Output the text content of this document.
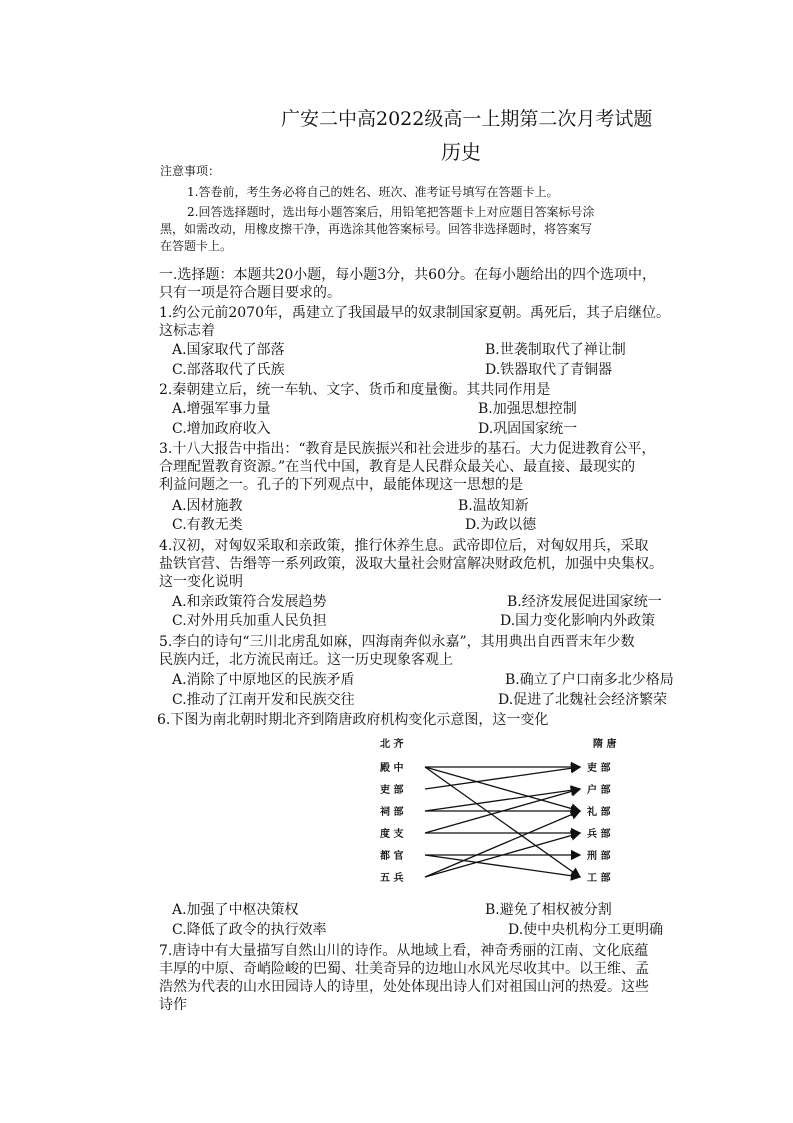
广安二中高2022级高一上期第二次月考试题
历史
注意事项：
1.答卷前，考生务必将自己的姓名、班次、准考证号填写在答题卡上。
2.回答选择题时，选出每小题答案后，用铅笔把答题卡上对应题目答案标号涂
黑，如需改动，用橡皮擦干净，再选涂其他答案标号。回答非选择题时，将答案写
在答题卡上。
一.选择题：本题共20小题，每小题3分，共60分。在每小题给出的四个选项中，
只有一项是符合题目要求的。
1.约公元前2070年，禹建立了我国最早的奴隶制国家夏朝。禹死后，其子启继位。
这标志着
A.国家取代了部落	B.世袭制取代了禅让制
C.部落取代了氏族	D.铁器取代了青铜器
2.秦朝建立后，统一车轨、文字、货币和度量衡。其共同作用是
A.增强军事力量	B.加强思想控制
C.增加政府收入	D.巩固国家统一
3.十八大报告中指出：“教育是民族振兴和社会进步的基石。大力促进教育公平，
合理配置教育资源。”在当代中国，教育是人民群众最关心、最直接、最现实的
利益问题之一。孔子的下列观点中，最能体现这一思想的是
A.因材施教	B.温故知新
C.有教无类	D.为政以德
4.汉初，对匈奴采取和亲政策，推行休养生息。武帝即位后，对匈奴用兵，采取
盐铁官营、告缗等一系列政策，汲取大量社会财富解决财政危机，加强中央集权。
这一变化说明
A.和亲政策符合发展趋势	B.经济发展促进国家统一
C.对外用兵加重人民负担	D.国力变化影响内外政策
5.李白的诗句“三川北虏乱如麻，四海南奔似永嘉”，其用典出自西晋末年少数
民族内迁，北方流民南迁。这一历史现象客观上
A.消除了中原地区的民族矛盾	B.确立了户口南多北少格局
C.推动了江南开发和民族交往	D.促进了北魏社会经济繁荣
6.下图为南北朝时期北齐到隋唐政府机构变化示意图，这一变化
北 齐	隋 唐
殿 中
吏 部
祠 部
度 支
都 官
五 兵
吏 部
户 部
礼 部
兵 部
刑 部
工 部
A.加强了中枢决策权	B.避免了相权被分割
C.降低了政令的执行效率	D.使中央机构分工更明确
7.唐诗中有大量描写自然山川的诗作。从地域上看，神奇秀丽的江南、文化底蕴
丰厚的中原、奇峭险峻的巴蜀、壮美奇异的边地山水风光尽收其中。以王维、孟
浩然为代表的山水田园诗人的诗里，处处体现出诗人们对祖国山河的热爱。这些
诗作
